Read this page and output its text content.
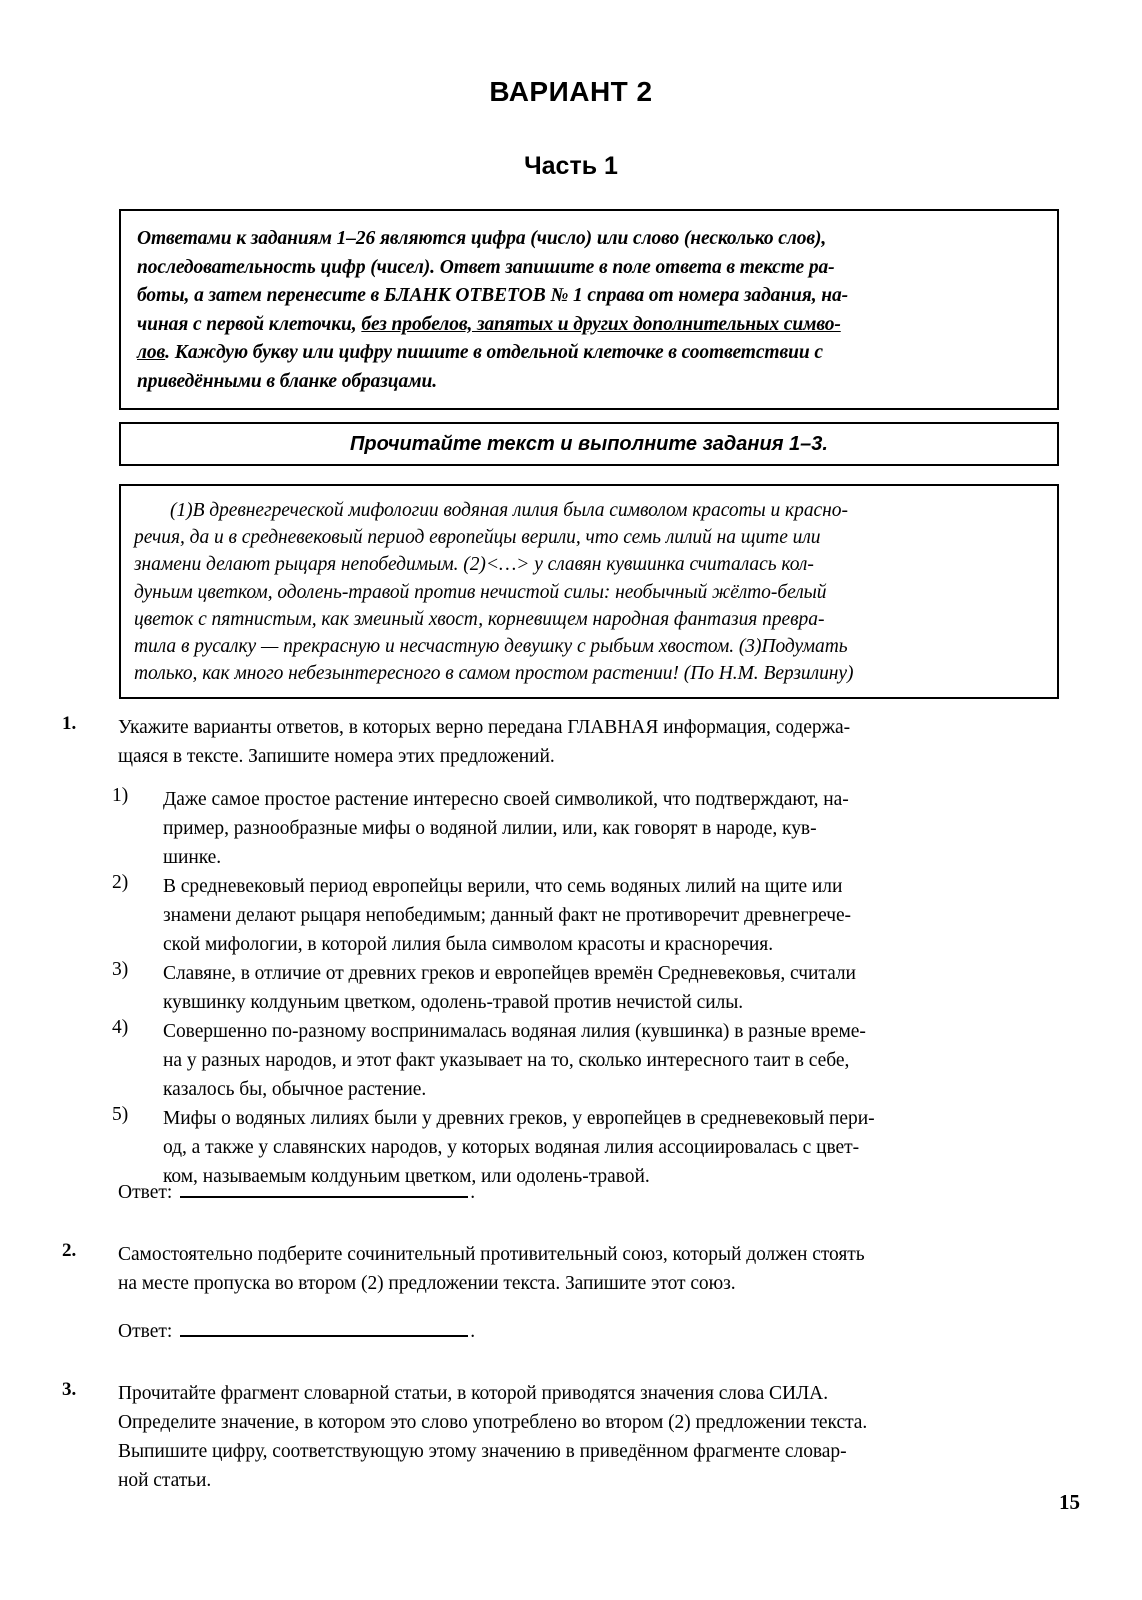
ВАРИАНТ 2
Часть 1
Ответами к заданиям 1–26 являются цифра (число) или слово (несколько слов),
последовательность цифр (чисел). Ответ запишите в поле ответа в тексте ра-
боты, а затем перенесите в БЛАНК ОТВЕТОВ № 1 справа от номера задания, на-
чиная с первой клеточки, без пробелов, запятых и других дополнительных симво-
лов. Каждую букву или цифру пишите в отдельной клеточке в соответствии с
приведёнными в бланке образцами.
Прочитайте текст и выполните задания 1–3.
(1)В древнегреческой мифологии водяная лилия была символом красоты и красно-
речия, да и в средневековый период европейцы верили, что семь лилий на щите или
знамени делают рыцаря непобедимым. (2)<…> у славян кувшинка считалась кол-
дуньим цветком, одолень-травой против нечистой силы: необычный жёлто-белый
цветок с пятнистым, как змеиный хвост, корневищем народная фантазия превра-
тила в русалку — прекрасную и несчастную девушку с рыбьим хвостом. (3)Подумать
только, как много небезынтересного в самом простом растении! (По Н.М. Верзилину)
1.	Укажите варианты ответов, в которых верно передана ГЛАВНАЯ информация, содержа-
щаяся в тексте. Запишите номера этих предложений.
1) Даже самое простое растение интересно своей символикой, что подтверждают, на-
пример, разнообразные мифы о водяной лилии, или, как говорят в народе, кув-
шинке.
2) В средневековый период европейцы верили, что семь водяных лилий на щите или
знамени делают рыцаря непобедимым; данный факт не противоречит древнегрече-
ской мифологии, в которой лилия была символом красоты и красноречия.
3) Славяне, в отличие от древних греков и европейцев времён Средневековья, считали
кувшинку колдуньим цветком, одолень-травой против нечистой силы.
4) Совершенно по-разному воспринималась водяная лилия (кувшинка) в разные време-
на у разных народов, и этот факт указывает на то, сколько интересного таит в себе,
казалось бы, обычное растение.
5) Мифы о водяных лилиях были у древних греков, у европейцев в средневековый пери-
од, а также у славянских народов, у которых водяная лилия ассоциировалась с цвет-
ком, называемым колдуньим цветком, или одолень-травой.
Ответ:	.
2.	Самостоятельно подберите сочинительный противительный союз, который должен стоять
на месте пропуска во втором (2) предложении текста. Запишите этот союз.
Ответ:	.
3.	Прочитайте фрагмент словарной статьи, в которой приводятся значения слова СИЛА.
Определите значение, в котором это слово употреблено во втором (2) предложении текста.
Выпишите цифру, соответствующую этому значению в приведённом фрагменте словар-
ной статьи.
15
